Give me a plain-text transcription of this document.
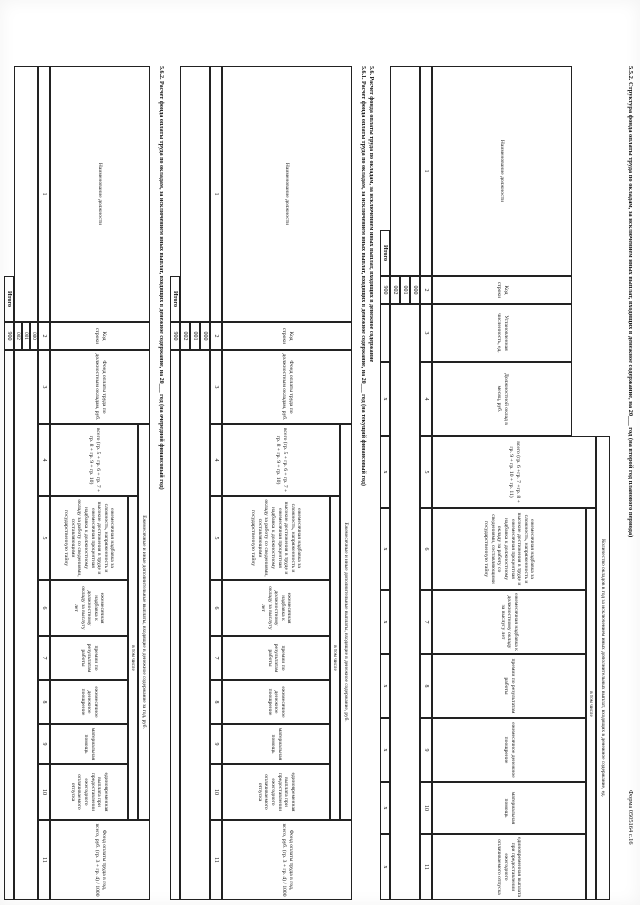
5.5.2. Структура фонда оплаты труда по окладам, за исключением иных выплат, входящих в денежное содержание, на 20___ год (на второй год планового периода)
Форма 0505164 с.16
Наименование должности
Код строки
Установленная численность, ед.
Должностной оклад в месяц, руб.
Количество окладов в год за исключением иных дополнительных выплат, входящих в денежное содержание, ед.
всего (гр. 6 +гр. 7 +гр. 8 + гр. 9 + гр. 10 + гр. 11)
в том числе
ежемесячная надбавка за сложность, напряженность и высокие достижения в труде и ежемесячная процентная надбавка к должностному окладу за работу со сведениями, составляющими государственную тайну
ежемесячная надбавка к должностному окладу за выслугу лет
премии по результатам работы
ежемесячное денежное поощрение
материальная помощь
единовременная выплата при предоставлении ежегодного оплачиваемого отпуска
1
2
3
4
5
6
7
8
9
10
11
000
001
002
Итого
900
x
x
x
x
x
x
x
x
5.6. Расчет фонда оплаты труда по окладам, за исключением иных выплат, входящих в денежное содержание
5.6.1. Расчет фонда оплаты труда по окладам, за исключением иных выплат, входящих в денежное содержание, на 20___ год (на текущий финансовый год)
Наименование должности
Код строки
Фонд оплаты труда по должностным окладам, руб.
Ежемесячные и иные дополнительные выплаты, входящие в денежное содержание, руб.
всего (гр. 5 + гр. 6 + гр. 7 + гр. 8 + гр. 9 + гр. 10)
в том числе
ежемесячная надбавка за сложность, напряженность и высокие достижения в труде и ежемесячная процентная надбавка к должностному окладу за работу со сведениями, составляющими государственную тайну
ежемесячная надбавка к должностному окладу за выслугу лет
премии по результатам работы
ежемесячное денежное поощрение
материальная помощь
единовременная выплата при предоставлении ежегодного оплачиваемого отпуска
Фонд оплаты труда в год, всего, руб. (гр. 3 + гр. 4) / 1000
1
2
3
4
5
6
7
8
9
10
11
000
001
002
Итого
900
5.6.2. Расчет фонда оплаты труда по окладам, за исключением иных выплат, входящих в денежное содержание, на 20___ год (на очередной финансовый год)
Наименование должности
Код строки
Фонд оплаты труда по должностным окладам, руб.
Ежемесячные и иные дополнительные выплаты, входящие в денежное содержание за год, руб.
всего (гр. 5 + гр. 6 + гр. 7 + гр. 8 + гр. 9 + гр. 10)
в том числе
ежемесячная надбавка за сложность, напряженность и высокие достижения в труде и ежемесячная процентная надбавка к должностному окладу за работу со сведениями, составляющими государственную тайну
ежемесячная надбавка к должностному окладу за выслугу лет
премии по результатам работы
ежемесячное денежное поощрение
материальная помощь
единовременная выплата при предоставлении ежегодного оплачиваемого отпуска
Фонд оплаты труда в год, всего, руб. (гр. 3 + гр. 4) / 1000
1
2
3
4
5
6
7
8
9
10
11
000
001
002
Итого
900
